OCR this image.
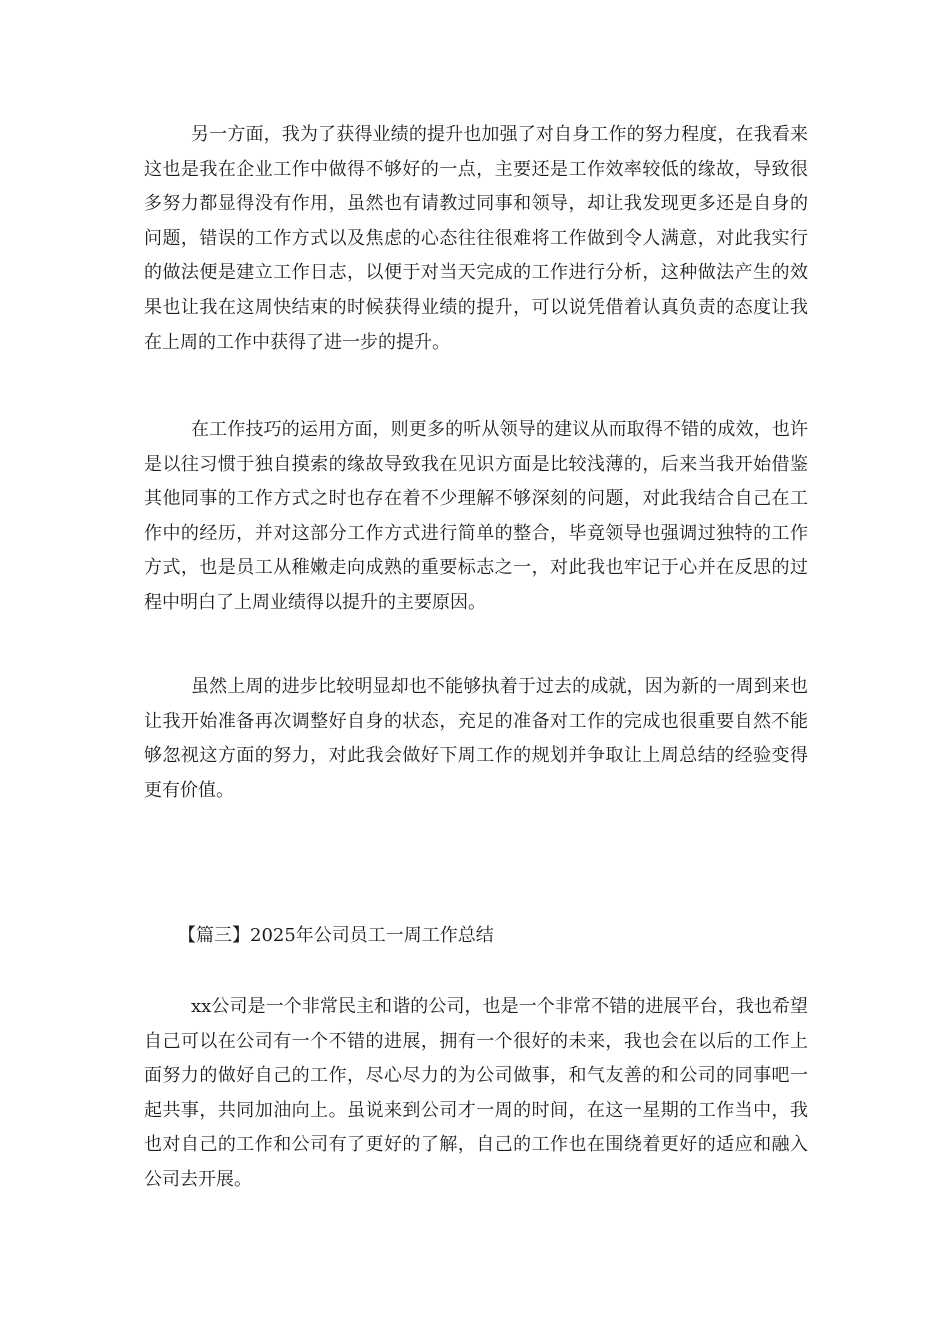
另一方面，我为了获得业绩的提升也加强了对自身工作的努力程度，在我看来这也是我在企业工作中做得不够好的一点，主要还是工作效率较低的缘故，导致很多努力都显得没有作用，虽然也有请教过同事和领导，却让我发现更多还是自身的问题，错误的工作方式以及焦虑的心态往往很难将工作做到令人满意，对此我实行的做法便是建立工作日志，以便于对当天完成的工作进行分析，这种做法产生的效果也让我在这周快结束的时候获得业绩的提升，可以说凭借着认真负责的态度让我在上周的工作中获得了进一步的提升。

在工作技巧的运用方面，则更多的听从领导的建议从而取得不错的成效，也许是以往习惯于独自摸索的缘故导致我在见识方面是比较浅薄的，后来当我开始借鉴其他同事的工作方式之时也存在着不少理解不够深刻的问题，对此我结合自己在工作中的经历，并对这部分工作方式进行简单的整合，毕竟领导也强调过独特的工作方式，也是员工从稚嫩走向成熟的重要标志之一，对此我也牢记于心并在反思的过程中明白了上周业绩得以提升的主要原因。

虽然上周的进步比较明显却也不能够执着于过去的成就，因为新的一周到来也让我开始准备再次调整好自身的状态，充足的准备对工作的完成也很重要自然不能够忽视这方面的努力，对此我会做好下周工作的规划并争取让上周总结的经验变得更有价值。

【篇三】2025年公司员工一周工作总结

xx公司是一个非常民主和谐的公司，也是一个非常不错的进展平台，我也希望自己可以在公司有一个不错的进展，拥有一个很好的未来，我也会在以后的工作上面努力的做好自己的工作，尽心尽力的为公司做事，和气友善的和公司的同事吧一起共事，共同加油向上。虽说来到公司才一周的时间，在这一星期的工作当中，我也对自己的工作和公司有了更好的了解，自己的工作也在围绕着更好的适应和融入公司去开展。
